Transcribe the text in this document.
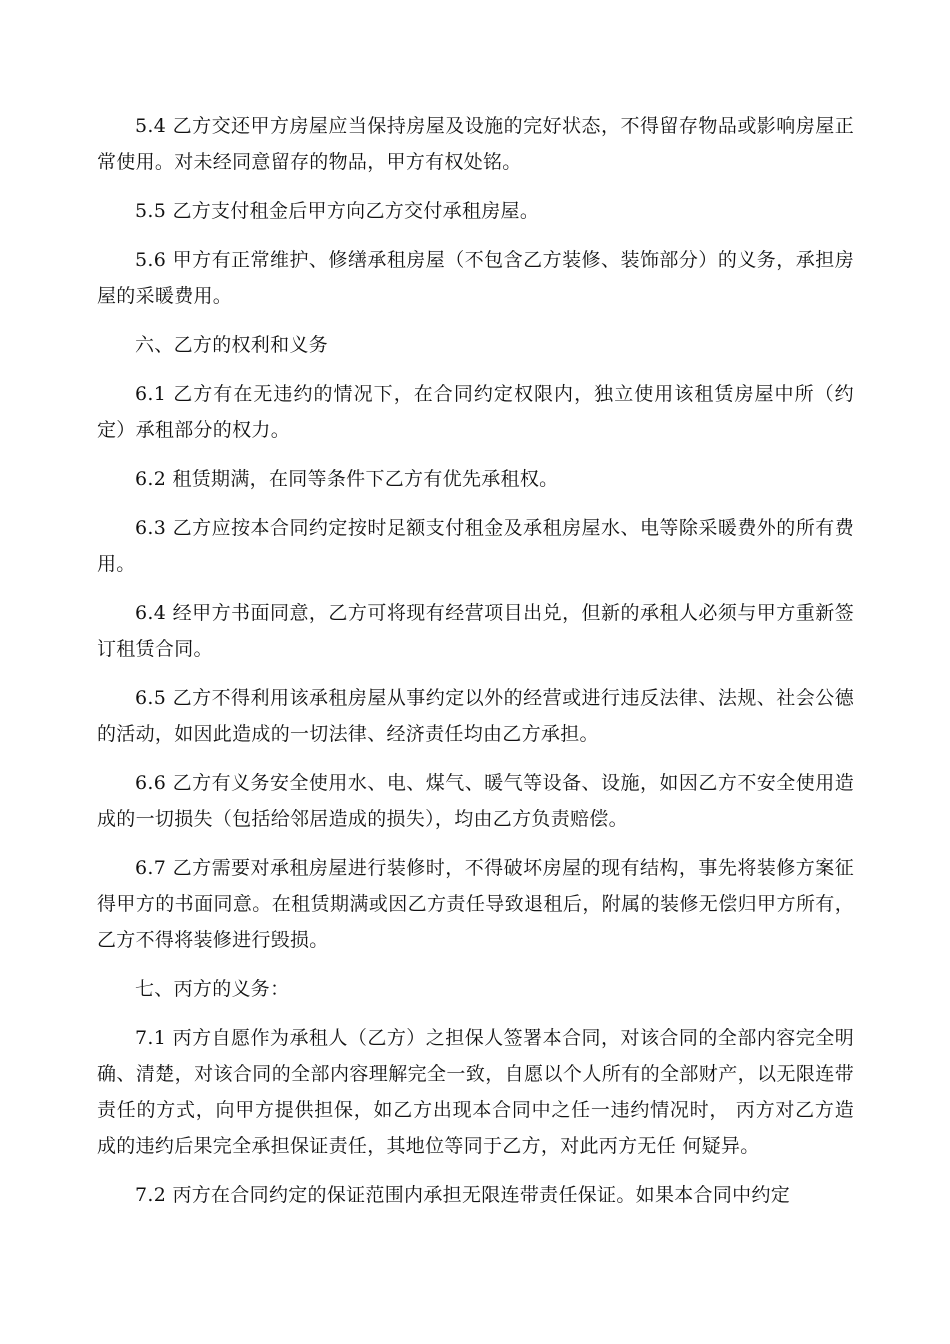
5.4 乙方交还甲方房屋应当保持房屋及设施的完好状态，不得留存物品或影响房屋正常使用。对未经同意留存的物品，甲方有权处铭。

5.5 乙方支付租金后甲方向乙方交付承租房屋。

5.6 甲方有正常维护、修缮承租房屋（不包含乙方装修、装饰部分）的义务，承担房屋的采暖费用。

六、乙方的权利和义务

6.1 乙方有在无违约的情况下，在合同约定权限内，独立使用该租赁房屋中所（约定）承租部分的权力。

6.2 租赁期满，在同等条件下乙方有优先承租权。

6.3 乙方应按本合同约定按时足额支付租金及承租房屋水、电等除采暖费外的所有费用。

6.4 经甲方书面同意，乙方可将现有经营项目出兑，但新的承租人必须与甲方重新签订租赁合同。

6.5 乙方不得利用该承租房屋从事约定以外的经营或进行违反法律、法规、社会公德的活动，如因此造成的一切法律、经济责任均由乙方承担。

6.6 乙方有义务安全使用水、电、煤气、暖气等设备、设施，如因乙方不安全使用造成的一切损失（包括给邻居造成的损失），均由乙方负责赔偿。

6.7 乙方需要对承租房屋进行装修时，不得破坏房屋的现有结构，事先将装修方案征得甲方的书面同意。在租赁期满或因乙方责任导致退租后，附属的装修无偿归甲方所有，乙方不得将装修进行毁损。

七、丙方的义务：

7.1 丙方自愿作为承租人（乙方）之担保人签署本合同，对该合同的全部内容完全明确、清楚，对该合同的全部内容理解完全一致，自愿以个人所有的全部财产，以无限连带责任的方式，向甲方提供担保，如乙方出现本合同中之任一违约情况时， 丙方对乙方造成的违约后果完全承担保证责任，其地位等同于乙方，对此丙方无任 何疑异。

7.2 丙方在合同约定的保证范围内承担无限连带责任保证。如果本合同中约定
